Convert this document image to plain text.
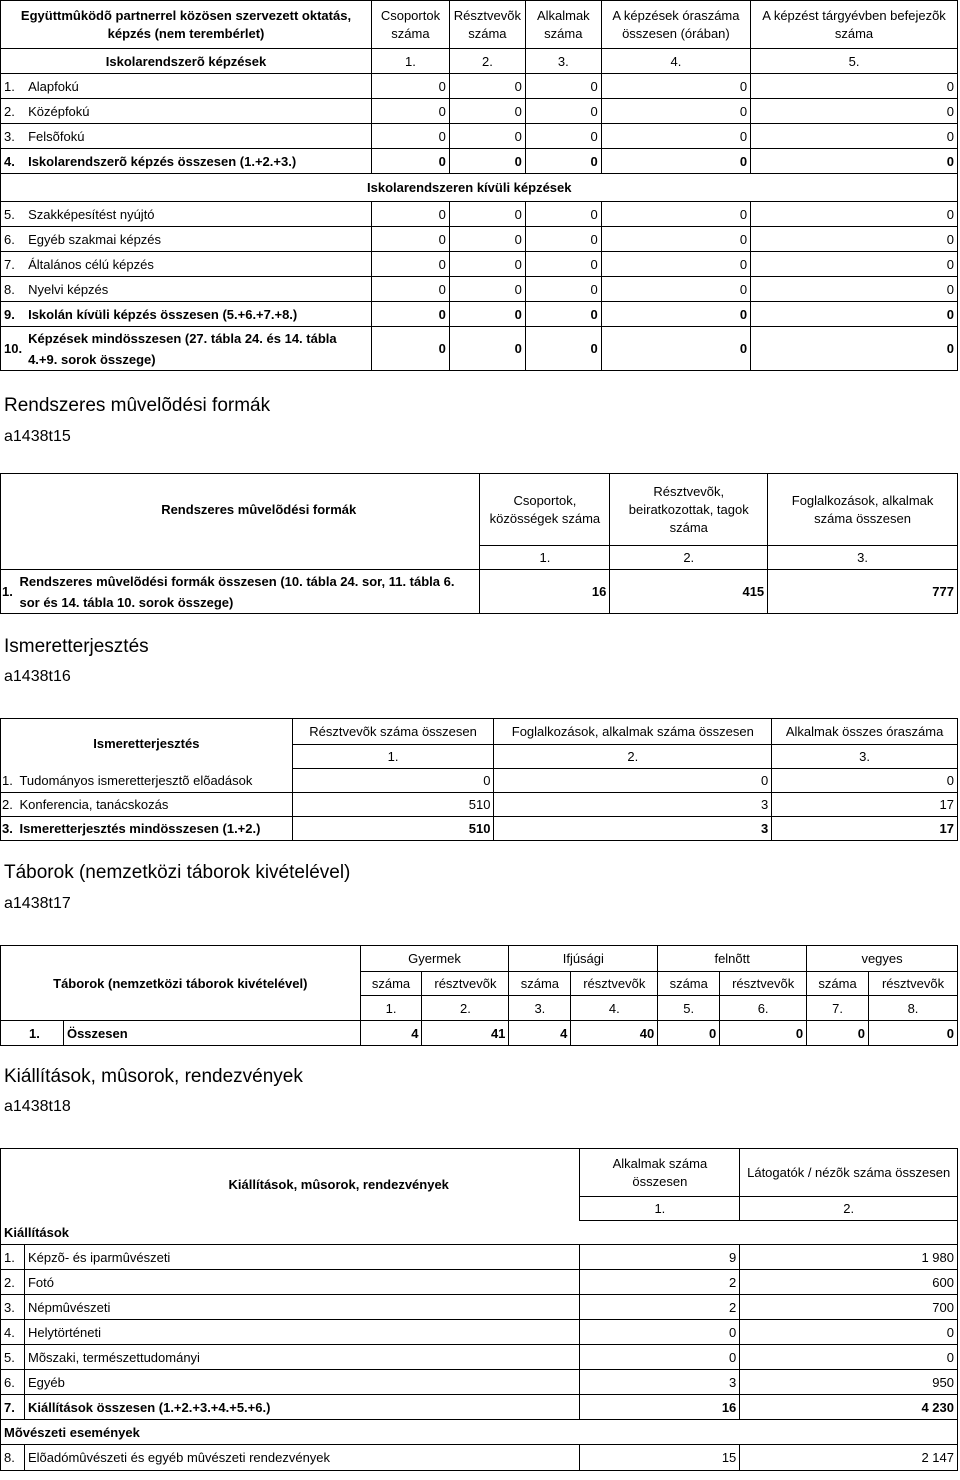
Együttmûködõ partnerrel közösen szervezett oktatás, képzés (nem terembérlet)		Csoportok száma	Résztvevõk száma	Alkalmak száma	A képzések óraszáma összesen (órában)	A képzést tárgyévben befejezõk száma
Iskolarendszerõ képzések		1.	2.	3.	4.	5.
1.	Alapfokú	0	0	0	0	0
2.	Középfokú	0	0	0	0	0
3.	Felsõfokú	0	0	0	0	0
4.	Iskolarendszerõ képzés összesen (1.+2.+3.)	0	0	0	0	0
Iskolarendszeren kívüli képzések						
5.	Szakképesítést nyújtó	0	0	0	0	0
6.	Egyéb szakmai képzés	0	0	0	0	0
7.	Általános célú képzés	0	0	0	0	0
8.	Nyelvi képzés	0	0	0	0	0
9.	Iskolán kívüli képzés összesen (5.+6.+7.+8.)	0	0	0	0	0
10.	Képzések mindösszesen (27. tábla 24. és 14. tábla 4.+9. sorok összege)	0	0	0	0	0
Rendszeres mûvelõdési formák
a1438t15
Rendszeres mûvelõdési formák		Csoportok, közösségek száma	Résztvevõk, beiratkozottak, tagok száma	Foglalkozások, alkalmak száma összesen
		1.	2.	3.
1.	Rendszeres mûvelõdési formák összesen (10. tábla 24. sor, 11. tábla 6. sor és 14. tábla 10. sorok összege)	16	415	777
Ismeretterjesztés
a1438t16
Ismeretterjesztés		Résztvevõk száma összesen	Foglalkozások, alkalmak száma összesen	Alkalmak összes óraszáma
		1.	2.	3.
1.	Tudományos ismeretterjesztõ elõadások	0	0	0
2.	Konferencia, tanácskozás	510	3	17
3.	Ismeretterjesztés mindösszesen (1.+2.)	510	3	17
Táborok (nemzetközi táborok kivételével)
a1438t17
Táborok (nemzetközi táborok kivételével)		Gyermek		Ifjúsági		felnõtt		vegyes	
		száma	résztvevõk	száma	résztvevõk	száma	résztvevõk	száma	résztvevõk
		1.	2.	3.	4.	5.	6.	7.	8.
1.	Összesen	4	41	4	40	0	0	0	0
Kiállítások, mûsorok, rendezvények
a1438t18
Kiállítások, mûsorok, rendezvények		Alkalmak száma összesen	Látogatók / nézõk száma összesen
		1.	2.
Kiállítások			
1.	Képzõ- és iparmûvészeti	9	1 980
2.	Fotó	2	600
3.	Népmûvészeti	2	700
4.	Helytörténeti	0	0
5.	Mõszaki, természettudományi	0	0
6.	Egyéb	3	950
7.	Kiállítások összesen (1.+2.+3.+4.+5.+6.)	16	4 230
Mõvészeti események			
8.	Elõadómûvészeti és egyéb mûvészeti rendezvények	15	2 147
